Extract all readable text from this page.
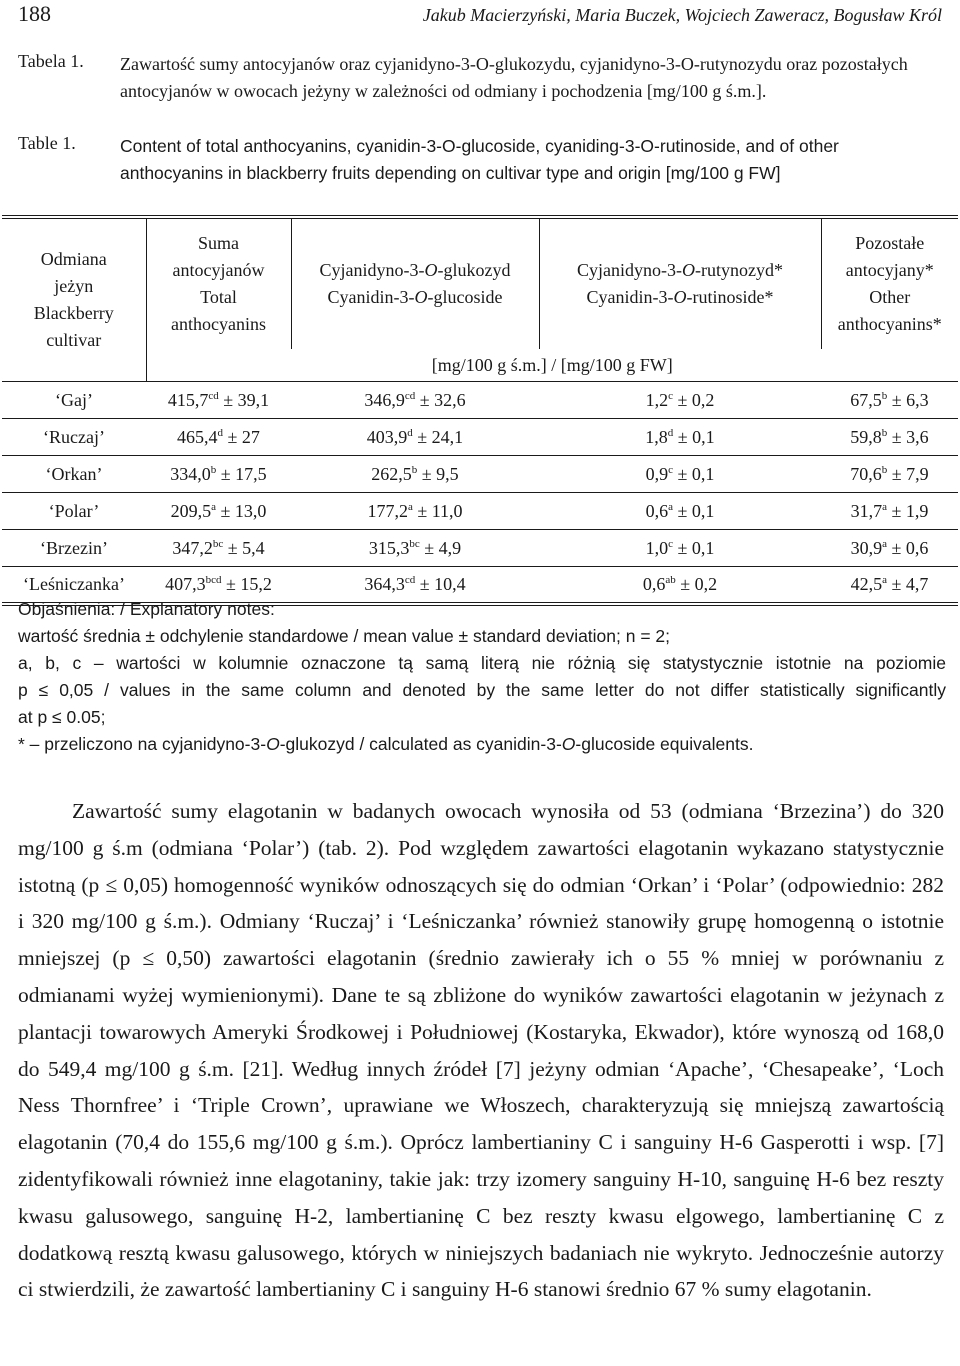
188	Jakub Macierzyński, Maria Buczek, Wojciech Zaweracz, Bogusław Król
Tabela 1. Zawartość sumy antocyjanów oraz cyjanidyno-3-O-glukozydu, cyjanidyno-3-O-rutynozydu oraz pozostałych antocyjanów w owocach jeżyny w zależności od odmiany i pochodzenia [mg/100 g ś.m.].
Table 1.	Content of total anthocyanins, cyanidin-3-O-glucoside, cyaniding-3-O-rutinoside, and of other anthocyanins in blackberry fruits depending on cultivar type and origin [mg/100 g FW]
Odmiana
jeżyn
Blackberry
cultivar	Suma
antocyjanów
Total
anthocyanins	Cyjanidyno-3-O-glukozyd
Cyanidin-3-O-glucoside	Cyjanidyno-3-O-rutynozyd*
Cyanidin-3-O-rutinoside*	Pozostałe
antocyjany*
Other
anthocyanins*
	[mg/100 g ś.m.] / [mg/100 g FW]			
‘Gaj’	415,7$^{cd}$ ± 39,1	346,9$^{cd}$ ± 32,6	1,2$^c$ ± 0,2	67,5$^b$ ± 6,3
‘Ruczaj’	465,4$^d$ ± 27	403,9$^d$ ± 24,1	1,8$^d$ ± 0,1	59,8$^b$ ± 3,6
‘Orkan’	334,0$^b$ ± 17,5	262,5$^b$ ± 9,5	0,9$^c$ ± 0,1	70,6$^b$ ± 7,9
‘Polar’	209,5$^a$ ± 13,0	177,2$^a$ ± 11,0	0,6$^a$ ± 0,1	31,7$^a$ ± 1,9
‘Brzezin’	347,2$^{bc}$ ± 5,4	315,3$^{bc}$ ± 4,9	1,0$^c$ ± 0,1	30,9$^a$ ± 0,6
‘Leśniczanka’	407,3$^{bcd}$ ± 15,2	364,3$^{cd}$ ± 10,4	0,6$^{ab}$ ± 0,2	42,5$^a$ ± 4,7
Objaśnienia: / Explanatory notes:
wartość średnia ± odchylenie standardowe / mean value ± standard deviation; n = 2;
a, b, c – wartości w kolumnie oznaczone tą samą literą nie różnią się statystycznie istotnie na poziomie
p ≤ 0,05 / values in the same column and denoted by the same letter do not differ statistically significantly
at p ≤ 0.05;
* – przeliczono na cyjanidyno-3-O-glukozyd / calculated as cyanidin-3-O-glucoside equivalents.

Zawartość sumy elagotanin w badanych owocach wynosiła od 53 (odmiana ‘Brzezina’) do 320 mg/100 g ś.m (odmiana ‘Polar’) (tab. 2). Pod względem zawartości elagotanin wykazano statystycznie istotną (p ≤ 0,05) homogenność wyników odnoszących się do odmian ‘Orkan’ i ‘Polar’ (odpowiednio: 282 i 320 mg/100 g ś.m.). Odmiany ‘Ruczaj’ i ‘Leśniczanka’ również stanowiły grupę homogenną o istotnie mniejszej (p ≤ 0,50) zawartości elagotanin (średnio zawierały ich o 55 % mniej w porównaniu z odmianami wyżej wymienionymi). Dane te są zbliżone do wyników zawartości elagotanin w jeżynach z plantacji towarowych Ameryki Środkowej i Południowej (Kostaryka, Ekwador), które wynoszą od 168,0 do 549,4 mg/100 g ś.m. [21]. Według innych źródeł [7] jeżyny odmian ‘Apache’, ‘Chesapeake’, ‘Loch Ness Thornfree’ i ‘Triple Crown’, uprawiane we Włoszech, charakteryzują się mniejszą zawartością elagotanin (70,4 do 155,6 mg/100 g ś.m.). Oprócz lambertianiny C i sanguiny H-6 Gasperotti i wsp. [7] zidentyfikowali również inne elagotaniny, takie jak: trzy izomery sanguiny H-10, sanguinę H-6 bez reszty kwasu galusowego, sanguinę H-2, lambertianinę C bez reszty kwasu elgowego, lambertianinę C z dodatkową resztą kwasu galusowego, których w niniejszych badaniach nie wykryto. Jednocześnie autorzy ci stwierdzili, że zawartość lambertianiny C i sanguiny H-6 stanowi średnio 67 % sumy elagotanin.
